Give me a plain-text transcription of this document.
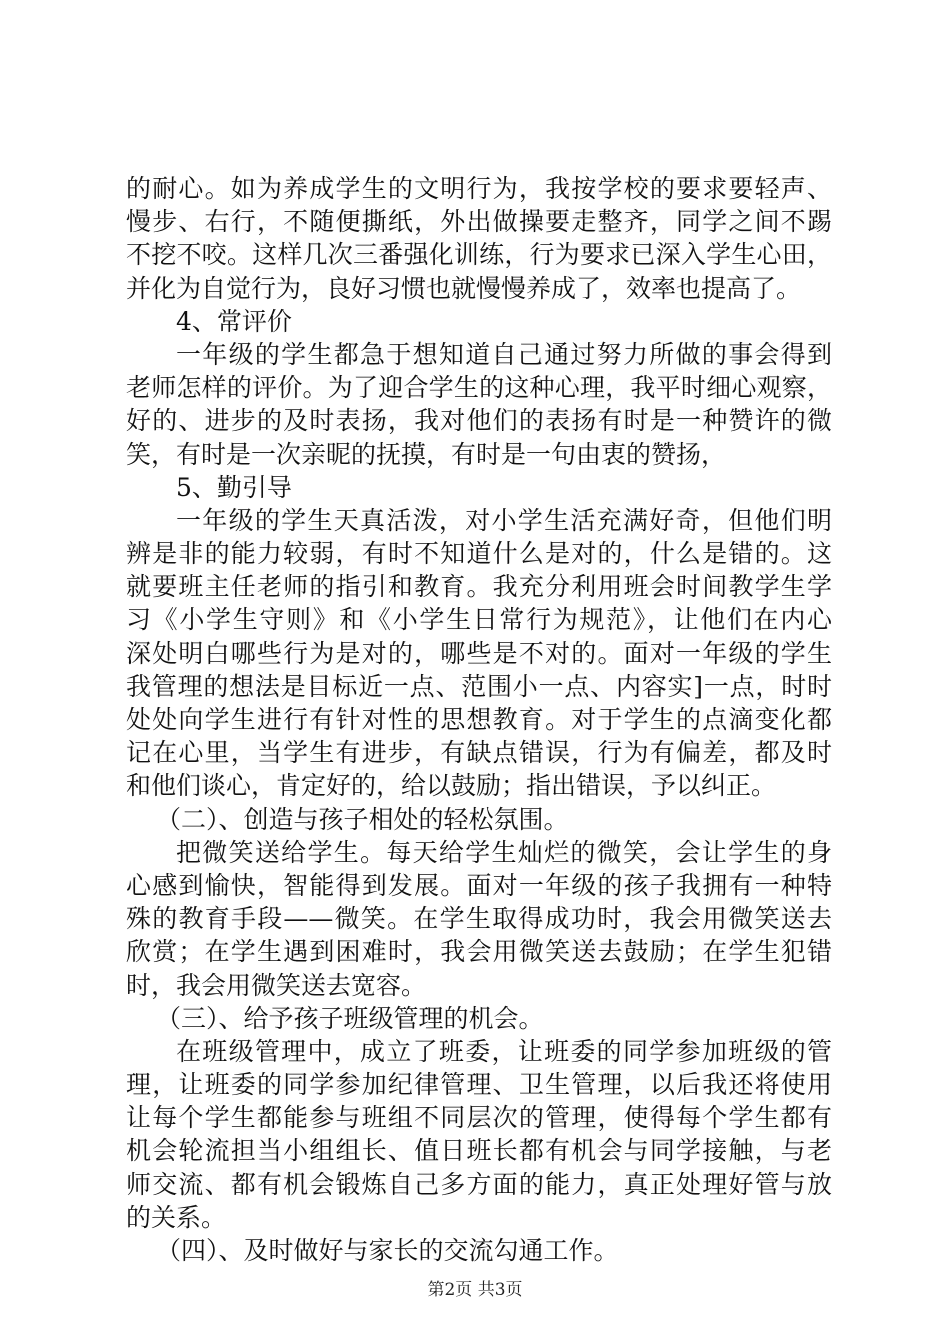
的耐心。如为养成学生的文明行为，我按学校的要求要轻声、
慢步、右行，不随便撕纸，外出做操要走整齐，同学之间不踢
不挖不咬。这样几次三番强化训练，行为要求已深入学生心田，
并化为自觉行为，良好习惯也就慢慢养成了，效率也提高了。
4、常评价
一年级的学生都急于想知道自己通过努力所做的事会得到
老师怎样的评价。为了迎合学生的这种心理，我平时细心观察，
好的、进步的及时表扬，我对他们的表扬有时是一种赞许的微
笑，有时是一次亲昵的抚摸，有时是一句由衷的赞扬，
5、勤引导
一年级的学生天真活泼，对小学生活充满好奇，但他们明
辨是非的能力较弱，有时不知道什么是对的，什么是错的。这
就要班主任老师的指引和教育。我充分利用班会时间教学生学
习《小学生守则》和《小学生日常行为规范》，让他们在内心
深处明白哪些行为是对的，哪些是不对的。面对一年级的学生
我管理的想法是目标近一点、范围小一点、内容实]一点，时时
处处向学生进行有针对性的思想教育。对于学生的点滴变化都
记在心里，当学生有进步，有缺点错误，行为有偏差，都及时
和他们谈心，肯定好的，给以鼓励；指出错误，予以纠正。
（二）、创造与孩子相处的轻松氛围。
把微笑送给学生。每天给学生灿烂的微笑，会让学生的身
心感到愉快，智能得到发展。面对一年级的孩子我拥有一种特
殊的教育手段——微笑。在学生取得成功时，我会用微笑送去
欣赏；在学生遇到困难时，我会用微笑送去鼓励；在学生犯错
时，我会用微笑送去宽容。
（三）、给予孩子班级管理的机会。
在班级管理中，成立了班委，让班委的同学参加班级的管
理，让班委的同学参加纪律管理、卫生管理，以后我还将使用
让每个学生都能参与班组不同层次的管理，使得每个学生都有
机会轮流担当小组组长、值日班长都有机会与同学接触，与老
师交流、都有机会锻炼自己多方面的能力，真正处理好管与放
的关系。
（四）、及时做好与家长的交流勾通工作。
第2页 共3页
